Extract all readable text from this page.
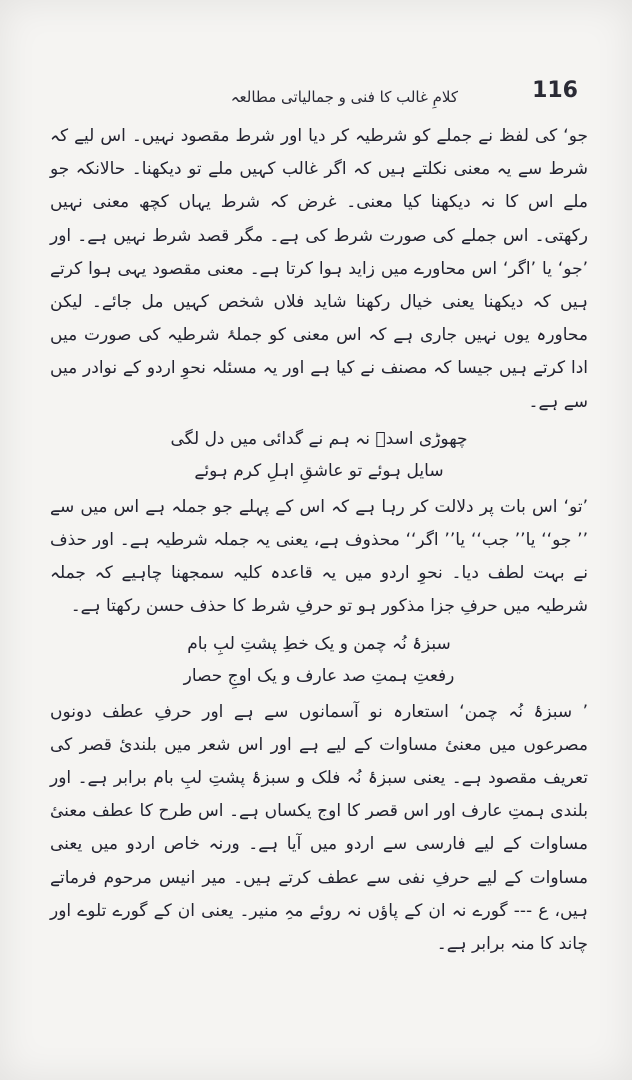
116
کلامِ غالب کا فنی و جمالیاتی مطالعہ

جو‘ کی لفظ نے جملے کو شرطیہ کر دیا اور شرط مقصود نہیں۔ اس لیے کہ شرط سے یہ معنی نکلتے ہیں کہ اگر غالب کہیں ملے تو دیکھنا۔ حالانکہ جو ملے اس کا نہ دیکھنا کیا معنی۔ غرض کہ شرط یہاں کچھ معنی نہیں رکھتی۔ اس جملے کی صورت شرط کی ہے۔ مگر قصد شرط نہیں ہے۔ اور ’جو‘ یا ’اگر‘ اس محاورے میں زاید ہوا کرتا ہے۔ معنی مقصود یہی ہوا کرتے ہیں کہ دیکھنا یعنی خیال رکھنا شاید فلاں شخص کہیں مل جائے۔ لیکن محاورہ یوں نہیں جاری ہے کہ اس معنی کو جملۂ شرطیہ کی صورت میں ادا کرتے ہیں جیسا کہ مصنف نے کیا ہے اور یہ مسئلہ نحوِ اردو کے نوادر میں سے ہے۔

چھوڑی اسدؔ نہ ہم نے گدائی میں دل لگی

سایل ہوئے تو عاشقِ اہلِ کرم ہوئے

’تو‘ اس بات پر دلالت کر رہا ہے کہ اس کے پہلے جو جملہ ہے اس میں سے ’’ جو‘‘ یا’’ جب‘‘ یا’’ اگر‘‘ محذوف ہے، یعنی یہ جملہ شرطیہ ہے۔ اور حذف نے بہت لطف دیا۔ نحوِ اردو میں یہ قاعدہ کلیہ سمجھنا چاہیے کہ جملہ شرطیہ میں حرفِ جزا مذکور ہو تو حرفِ شرط کا حذف حسن رکھتا ہے۔

سبزۂ نُہ چمن و یک خطِ پشتِ لبِ بام

رفعتِ ہمتِ صد عارف و یک اوجِ حصار

’ سبزۂ نُہ چمن‘ استعارہ نو آسمانوں سے ہے اور حرفِ عطف دونوں مصرعوں میں معنیٔ مساوات کے لیے ہے اور اس شعر میں بلندیٔ قصر کی تعریف مقصود ہے۔ یعنی سبزۂ نُہ فلک و سبزۂ پشتِ لبِ بام برابر ہے۔ اور بلندی ہمتِ عارف اور اس قصر کا اوج یکساں ہے۔ اس طرح کا عطف معنیٔ مساوات کے لیے فارسی سے اردو میں آیا ہے۔ ورنہ خاص اردو میں یعنی مساوات کے لیے حرفِ نفی سے عطف کرتے ہیں۔ میر انیس مرحوم فرماتے ہیں، ع --- گورے نہ ان کے پاؤں نہ روئے مہِ منیر۔ یعنی ان کے گورے تلوے اور چاند کا منہ برابر ہے۔
